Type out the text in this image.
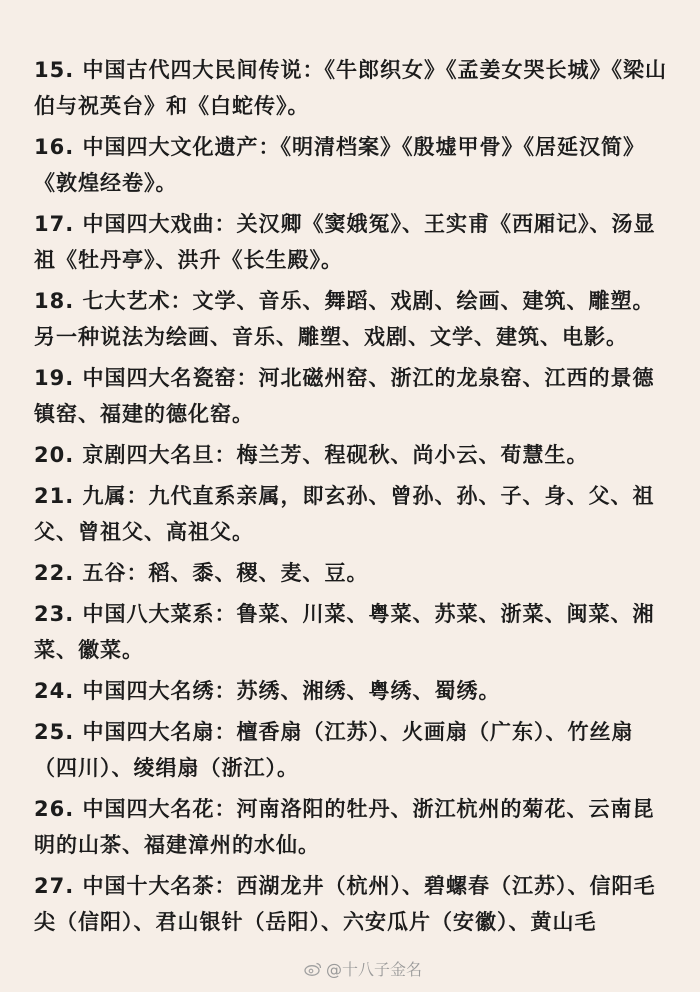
15. 中国古代四大民间传说：《牛郎织女》《孟姜女哭长城》《梁山伯与祝英台》和《白蛇传》。
16. 中国四大文化遗产：《明清档案》《殷墟甲骨》《居延汉简》《敦煌经卷》。
17. 中国四大戏曲：关汉卿《窦娥冤》、王实甫《西厢记》、汤显祖《牡丹亭》、洪升《长生殿》。
18. 七大艺术：文学、音乐、舞蹈、戏剧、绘画、建筑、雕塑。另一种说法为绘画、音乐、雕塑、戏剧、文学、建筑、电影。
19. 中国四大名瓷窑：河北磁州窑、浙江的龙泉窑、江西的景德镇窑、福建的德化窑。
20. 京剧四大名旦：梅兰芳、程砚秋、尚小云、荀慧生。
21. 九属：九代直系亲属，即玄孙、曾孙、孙、子、身、父、祖父、曾祖父、高祖父。
22. 五谷：稻、黍、稷、麦、豆。
23. 中国八大菜系：鲁菜、川菜、粤菜、苏菜、浙菜、闽菜、湘菜、徽菜。
24. 中国四大名绣：苏绣、湘绣、粤绣、蜀绣。
25. 中国四大名扇：檀香扇（江苏）、火画扇（广东）、竹丝扇（四川）、绫绢扇（浙江）。
26. 中国四大名花：河南洛阳的牡丹、浙江杭州的菊花、云南昆明的山茶、福建漳州的水仙。
27. 中国十大名茶：西湖龙井（杭州）、碧螺春（江苏）、信阳毛尖（信阳）、君山银针（岳阳）、六安瓜片（安徽）、黄山毛
@十八子金名
